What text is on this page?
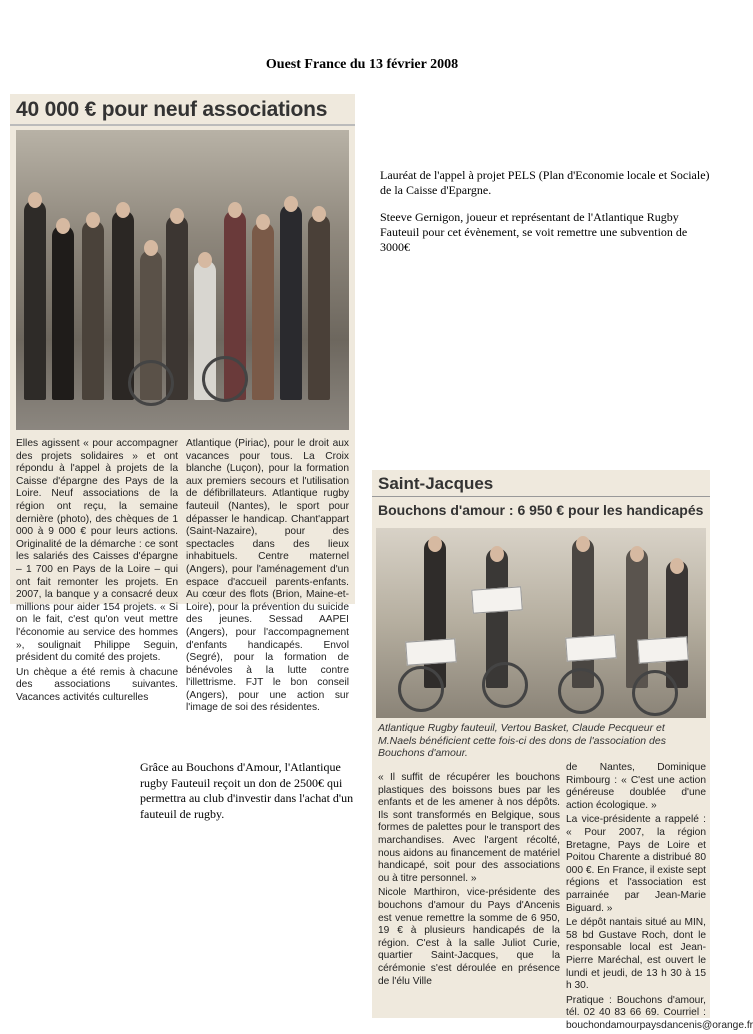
Ouest France du 13 février 2008
40 000 € pour neuf associations

Elles agissent « pour accompagner des projets solidaires » et ont répondu à l'appel à projets de la Caisse d'épargne des Pays de la Loire. Neuf associations de la région ont reçu, la semaine dernière (photo), des chèques de 1 000 à 9 000 € pour leurs actions. Originalité de la démarche : ce sont les salariés des Caisses d'épargne – 1 700 en Pays de la Loire – qui ont fait remonter les projets. En 2007, la banque y a consacré deux millions pour aider 154 projets. « Si on le fait, c'est qu'on veut mettre l'économie au service des hommes », soulignait Philippe Seguin, président du comité des projets.

Un chèque a été remis à chacune des associations suivantes. Vacances activités culturelles

Atlantique (Piriac), pour le droit aux vacances pour tous. La Croix blanche (Luçon), pour la formation aux premiers secours et l'utilisation de défibrillateurs. Atlantique rugby fauteuil (Nantes), le sport pour dépasser le handicap. Chant'appart (Saint-Nazaire), pour des spectacles dans des lieux inhabituels. Centre maternel (Angers), pour l'aménagement d'un espace d'accueil parents-enfants. Au cœur des flots (Brion, Maine-et-Loire), pour la prévention du suicide des jeunes. Sessad AAPEI (Angers), pour l'accompagnement d'enfants handicapés. Envol (Segré), pour la formation de bénévoles à la lutte contre l'illettrisme. FJT le bon conseil (Angers), pour une action sur l'image de soi des résidentes.

Lauréat de l'appel à projet PELS (Plan d'Economie locale et Sociale) de la Caisse d'Epargne.

Steeve Gernigon, joueur et représentant de l'Atlantique Rugby Fauteuil pour cet évènement, se voit remettre une subvention de 3000€

Saint-Jacques
Bouchons d'amour : 6 950 € pour les handicapés
Atlantique Rugby fauteuil, Vertou Basket, Claude Pecqueur et M.Naels bénéficient cette fois-ci des dons de l'association des Bouchons d'amour.

« Il suffit de récupérer les bouchons plastiques des boissons bues par les enfants et de les amener à nos dépôts. Ils sont transformés en Belgique, sous formes de palettes pour le transport des marchandises. Avec l'argent récolté, nous aidons au financement de matériel handicapé, soit pour des associations ou à titre personnel. »

Nicole Marthiron, vice-présidente des bouchons d'amour du Pays d'Ancenis est venue remettre la somme de 6 950, 19 € à plusieurs handicapés de la région. C'est à la salle Juliot Curie, quartier Saint-Jacques, que la cérémonie s'est déroulée en présence de l'élu Ville

de Nantes, Dominique Rimbourg : « C'est une action généreuse doublée d'une action écologique. »

La vice-présidente a rappelé : « Pour 2007, la région Bretagne, Pays de Loire et Poitou Charente a distribué 80 000 €. En France, il existe sept régions et l'association est parrainée par Jean-Marie Biguard. »

Le dépôt nantais situé au MIN, 58 bd Gustave Roch, dont le responsable local est Jean-Pierre Maréchal, est ouvert le lundi et jeudi, de 13 h 30 à 15 h 30.

Pratique : Bouchons d'amour, tél. 02 40 83 66 69. Courriel : bouchondamourpaysdancenis@orange.fr

Grâce au Bouchons d'Amour, l'Atlantique rugby Fauteuil reçoit un don de 2500€ qui permettra au club d'investir dans l'achat d'un fauteuil de rugby.
